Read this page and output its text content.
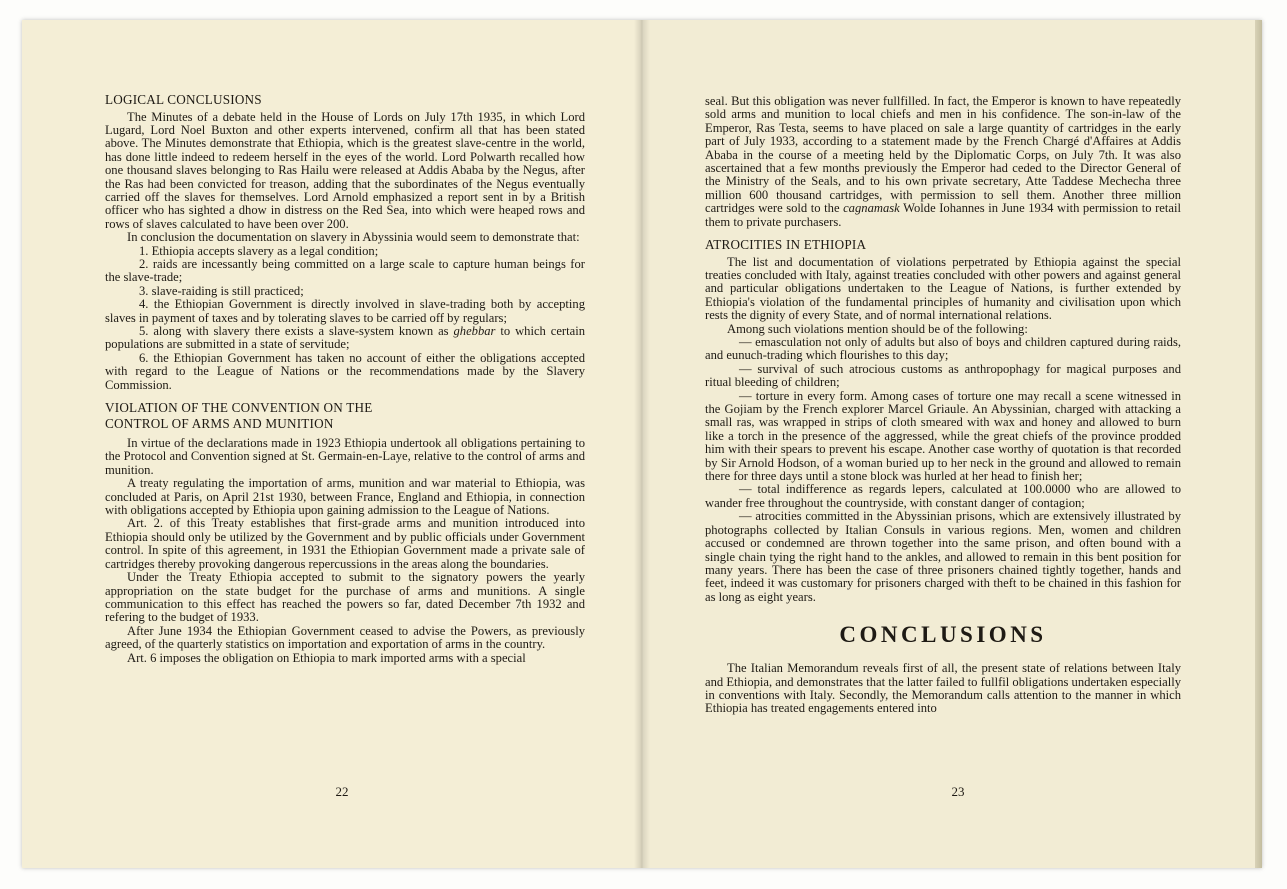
LOGICAL CONCLUSIONS

The Minutes of a debate held in the House of Lords on July 17th 1935, in which Lord Lugard, Lord Noel Buxton and other experts intervened, confirm all that has been stated above. The Minutes demonstrate that Ethiopia, which is the greatest slave-centre in the world, has done little indeed to redeem herself in the eyes of the world. Lord Polwarth recalled how one thousand slaves belonging to Ras Hailu were released at Addis Ababa by the Negus, after the Ras had been convicted for treason, adding that the subordinates of the Negus eventually carried off the slaves for themselves. Lord Arnold emphasized a report sent in by a British officer who has sighted a dhow in distress on the Red Sea, into which were heaped rows and rows of slaves calculated to have been over 200.

In conclusion the documentation on slavery in Abyssinia would seem to demonstrate that:

1. Ethiopia accepts slavery as a legal condition;

2. raids are incessantly being committed on a large scale to capture human beings for the slave-trade;

3. slave-raiding is still practiced;

4. the Ethiopian Government is directly involved in slave-trading both by accepting slaves in payment of taxes and by tolerating slaves to be carried off by regulars;

5. along with slavery there exists a slave-system known as ghebbar to which certain populations are submitted in a state of servitude;

6. the Ethiopian Government has taken no account of either the obligations accepted with regard to the League of Nations or the recommendations made by the Slavery Commission.

VIOLATION OF THE CONVENTION ON THE
CONTROL OF ARMS AND MUNITION

In virtue of the declarations made in 1923 Ethiopia undertook all obligations pertaining to the Protocol and Convention signed at St. Germain-en-Laye, relative to the control of arms and munition.

A treaty regulating the importation of arms, munition and war material to Ethiopia, was concluded at Paris, on April 21st 1930, between France, England and Ethiopia, in connection with obligations accepted by Ethiopia upon gaining admission to the League of Nations.

Art. 2. of this Treaty establishes that first-grade arms and munition introduced into Ethiopia should only be utilized by the Government and by public officials under Government control. In spite of this agreement, in 1931 the Ethiopian Government made a private sale of cartridges thereby provoking dangerous repercussions in the areas along the boundaries.

Under the Treaty Ethiopia accepted to submit to the signatory powers the yearly appropriation on the state budget for the purchase of arms and munitions. A single communication to this effect has reached the powers so far, dated December 7th 1932 and refering to the budget of 1933.

After June 1934 the Ethiopian Government ceased to advise the Powers, as previously agreed, of the quarterly statistics on importation and exportation of arms in the country.

Art. 6 imposes the obligation on Ethiopia to mark imported arms with a special

22

seal. But this obligation was never fullfilled. In fact, the Emperor is known to have repeatedly sold arms and munition to local chiefs and men in his confidence. The son-in-law of the Emperor, Ras Testa, seems to have placed on sale a large quantity of cartridges in the early part of July 1933, according to a statement made by the French Chargé d'Affaires at Addis Ababa in the course of a meeting held by the Diplomatic Corps, on July 7th. It was also ascertained that a few months previously the Emperor had ceded to the Director General of the Ministry of the Seals, and to his own private secretary, Atte Taddese Mechecha three million 600 thousand cartridges, with permission to sell them. Another three million cartridges were sold to the cagnamask Wolde Iohannes in June 1934 with permission to retail them to private purchasers.

ATROCITIES IN ETHIOPIA

The list and documentation of violations perpetrated by Ethiopia against the special treaties concluded with Italy, against treaties concluded with other powers and against general and particular obligations undertaken to the League of Nations, is further extended by Ethiopia's violation of the fundamental principles of humanity and civilisation upon which rests the dignity of every State, and of normal international relations.

Among such violations mention should be of the following:

— emasculation not only of adults but also of boys and children captured during raids, and eunuch-trading which flourishes to this day;

— survival of such atrocious customs as anthropophagy for magical purposes and ritual bleeding of children;

— torture in every form. Among cases of torture one may recall a scene witnessed in the Gojiam by the French explorer Marcel Griaule. An Abyssinian, charged with attacking a small ras, was wrapped in strips of cloth smeared with wax and honey and allowed to burn like a torch in the presence of the aggressed, while the great chiefs of the province prodded him with their spears to prevent his escape. Another case worthy of quotation is that recorded by Sir Arnold Hodson, of a woman buried up to her neck in the ground and allowed to remain there for three days until a stone block was hurled at her head to finish her;

— total indifference as regards lepers, calculated at 100.0000 who are allowed to wander free throughout the countryside, with constant danger of contagion;

— atrocities committed in the Abyssinian prisons, which are extensively illustrated by photographs collected by Italian Consuls in various regions. Men, women and children accused or condemned are thrown together into the same prison, and often bound with a single chain tying the right hand to the ankles, and allowed to remain in this bent position for many years. There has been the case of three prisoners chained tightly together, hands and feet, indeed it was customary for prisoners charged with theft to be chained in this fashion for as long as eight years.

CONCLUSIONS

The Italian Memorandum reveals first of all, the present state of relations between Italy and Ethiopia, and demonstrates that the latter failed to fullfil obligations undertaken especially in conventions with Italy. Secondly, the Memorandum calls attention to the manner in which Ethiopia has treated engagements entered into

23
